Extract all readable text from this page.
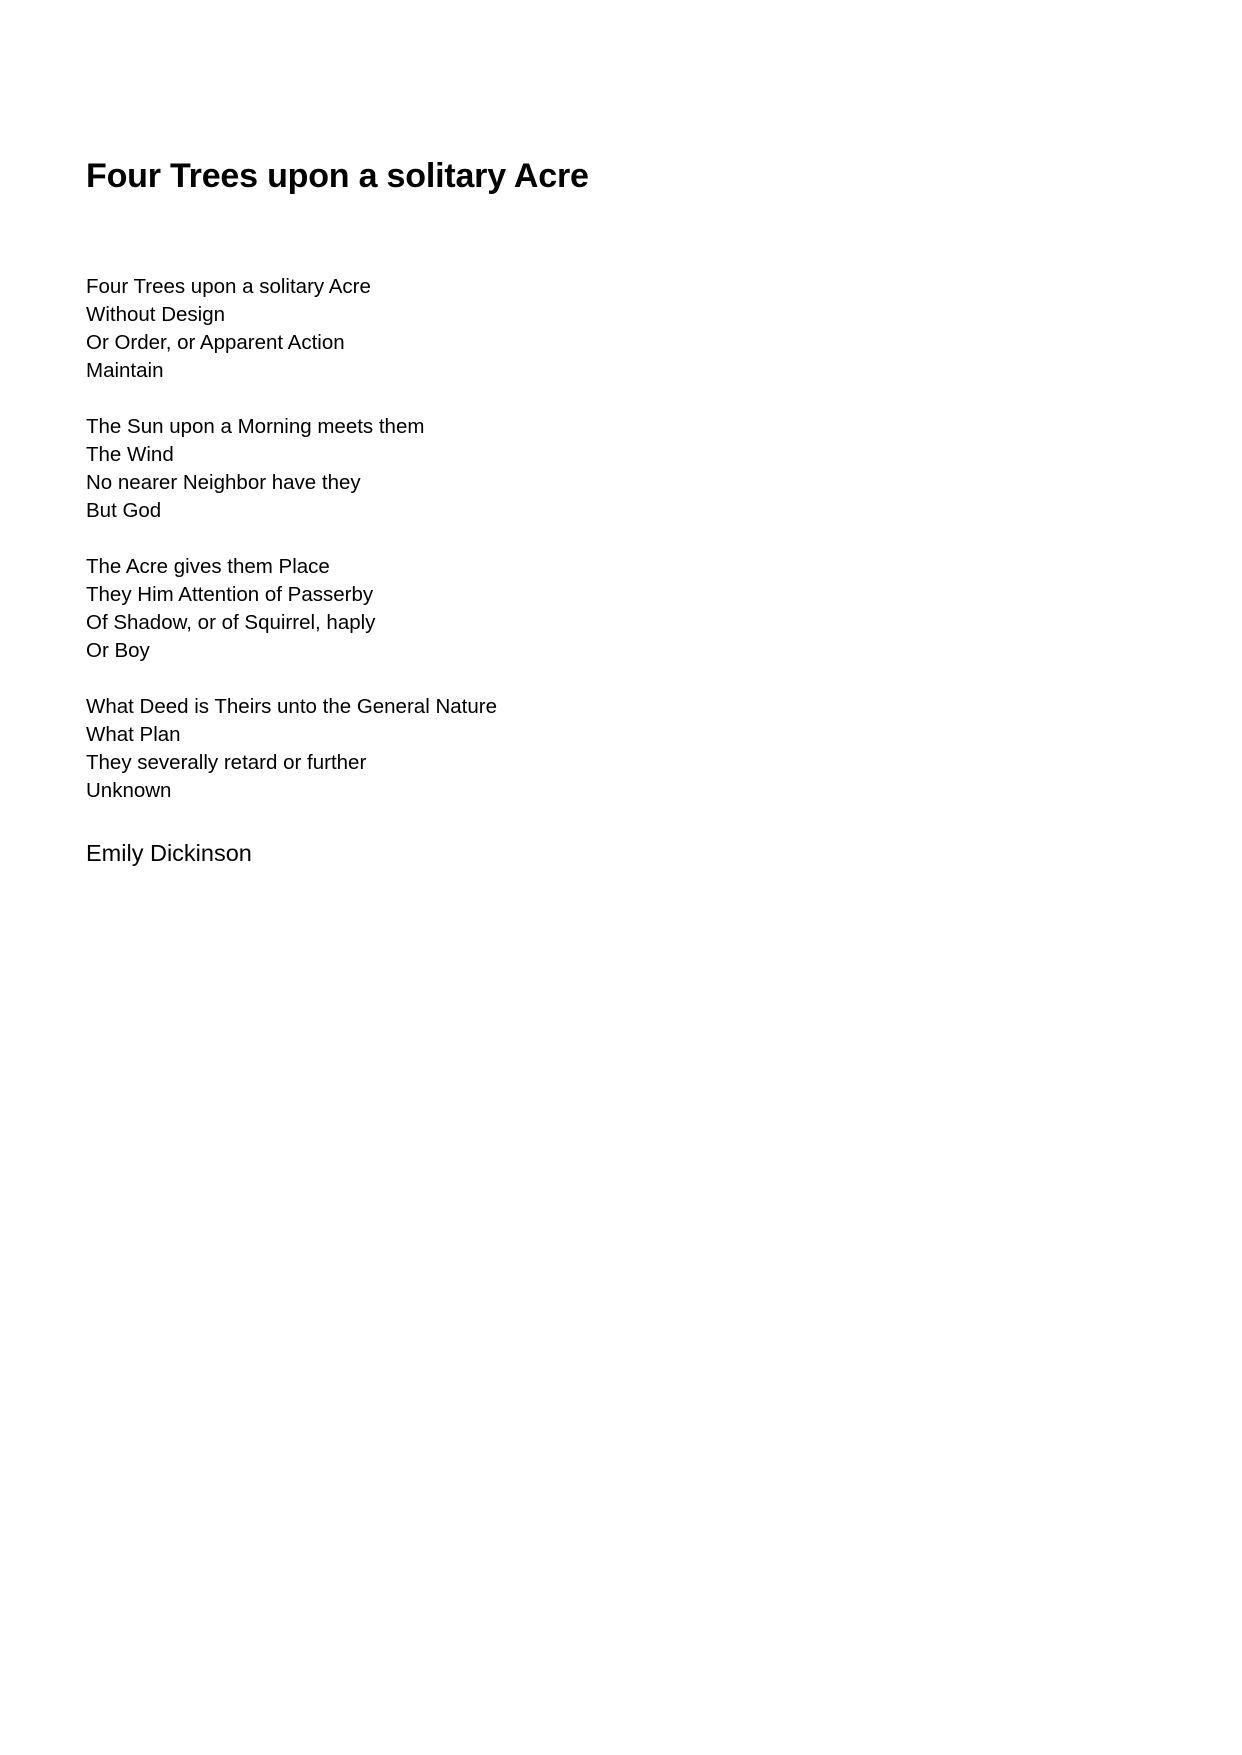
Four Trees upon a solitary Acre
Four Trees upon a solitary Acre
Without Design
Or Order, or Apparent Action
Maintain
The Sun upon a Morning meets them
The Wind
No nearer Neighbor have they
But God
The Acre gives them Place
They Him Attention of Passerby
Of Shadow, or of Squirrel, haply
Or Boy
What Deed is Theirs unto the General Nature
What Plan
They severally retard or further
Unknown
Emily Dickinson
